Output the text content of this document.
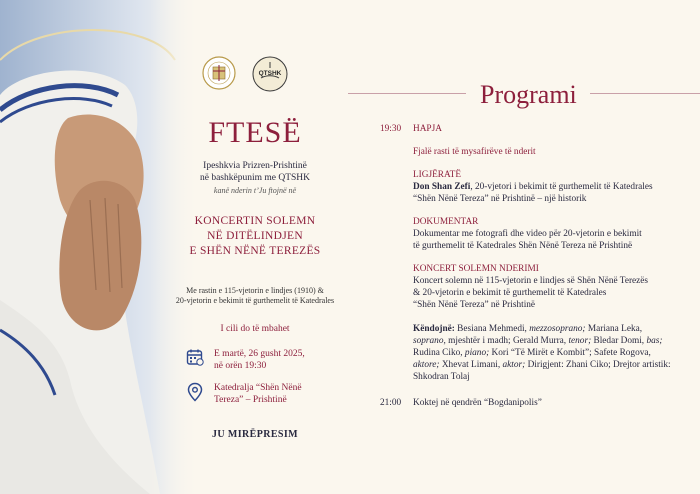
QTSHK
FTESË
Ipeshkvia Prizren-Prishtinë
në bashkëpunim me QTSHK
kanë nderin t’Ju ftojnë në
KONCERTIN SOLEMN
NË DITËLINDJEN
E SHËN NËNË TEREZËS
Me rastin e 115-vjetorin e lindjes (1910) &
20-vjetorin e bekimit të gurthemelit të Katedrales
I cili do të mbahet
E martë, 26 gusht 2025,
në orën 19:30
Katedralja “Shën Nënë
Tereza” – Prishtinë
JU MIRËPRESIM
Programi
19:30 HAPJA
Fjalë rasti të mysafirëve të nderit
LIGJËRATË
Don Shan Zefi, 20-vjetori i bekimit të gurthemelit të Katedrales
“Shën Nënë Tereza” në Prishtinë – një historik
DOKUMENTAR
Dokumentar me fotografi dhe video për 20-vjetorin e bekimit
të gurthemelit të Katedrales Shën Nënë Tereza në Prishtinë
KONCERT SOLEMN NDERIMI
Koncert solemn në 115-vjetorin e lindjes së Shën Nënë Terezës
& 20-vjetorin e bekimit të gurthemelit të Katedrales
“Shën Nënë Tereza” në Prishtinë
Këndojnë: Besiana Mehmedi, mezzosoprano; Mariana Leka,
soprano, mjeshtër i madh; Gerald Murra, tenor; Bledar Domi, bas;
Rudina Ciko, piano; Kori “Të Mirët e Kombit”; Safete Rogova,
aktore; Xhevat Limani, aktor; Dirigjent: Zhani Ciko; Drejtor artistik:
Shkodran Tolaj
21:00 Koktej në qendrën “Bogdanipolis”
